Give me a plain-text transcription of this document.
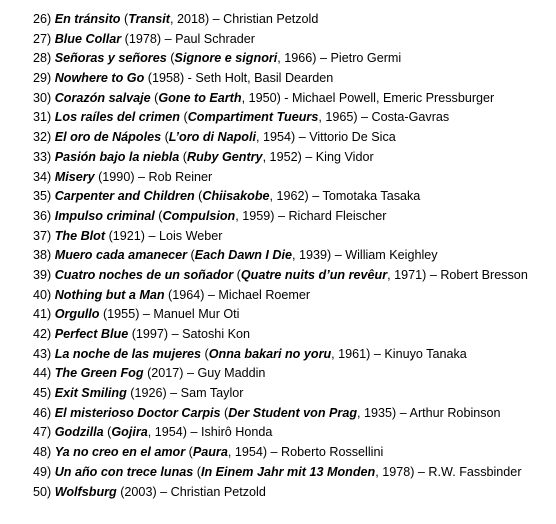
26) En tránsito (Transit, 2018) – Christian Petzold
27) Blue Collar (1978) – Paul Schrader
28) Señoras y señores (Signore e signori, 1966) – Pietro Germi
29) Nowhere to Go (1958) - Seth Holt, Basil Dearden
30) Corazón salvaje (Gone to Earth, 1950) - Michael Powell, Emeric Pressburger
31) Los raíles del crimen (Compartiment Tueurs, 1965) – Costa-Gavras
32) El oro de Nápoles (L’oro di Napoli, 1954) – Vittorio De Sica
33) Pasión bajo la niebla (Ruby Gentry, 1952) – King Vidor
34) Misery (1990) – Rob Reiner
35) Carpenter and Children (Chiisakobe, 1962) – Tomotaka Tasaka
36) Impulso criminal (Compulsion, 1959) – Richard Fleischer
37) The Blot (1921) – Lois Weber
38) Muero cada amanecer (Each Dawn I Die, 1939) – William Keighley
39) Cuatro noches de un soñador (Quatre nuits d’un revêur, 1971) – Robert Bresson
40) Nothing but a Man (1964) – Michael Roemer
41) Orgullo (1955) – Manuel Mur Oti
42) Perfect Blue (1997) – Satoshi Kon
43) La noche de las mujeres (Onna bakari no yoru, 1961) – Kinuyo Tanaka
44) The Green Fog (2017) – Guy Maddin
45) Exit Smiling (1926) – Sam Taylor
46) El misterioso Doctor Carpis (Der Student von Prag, 1935) – Arthur Robinson
47) Godzilla (Gojira, 1954) – Ishirô Honda
48) Ya no creo en el amor (Paura, 1954) – Roberto Rossellini
49) Un año con trece lunas (In Einem Jahr mit 13 Monden, 1978) – R.W. Fassbinder
50) Wolfsburg (2003) – Christian Petzold
